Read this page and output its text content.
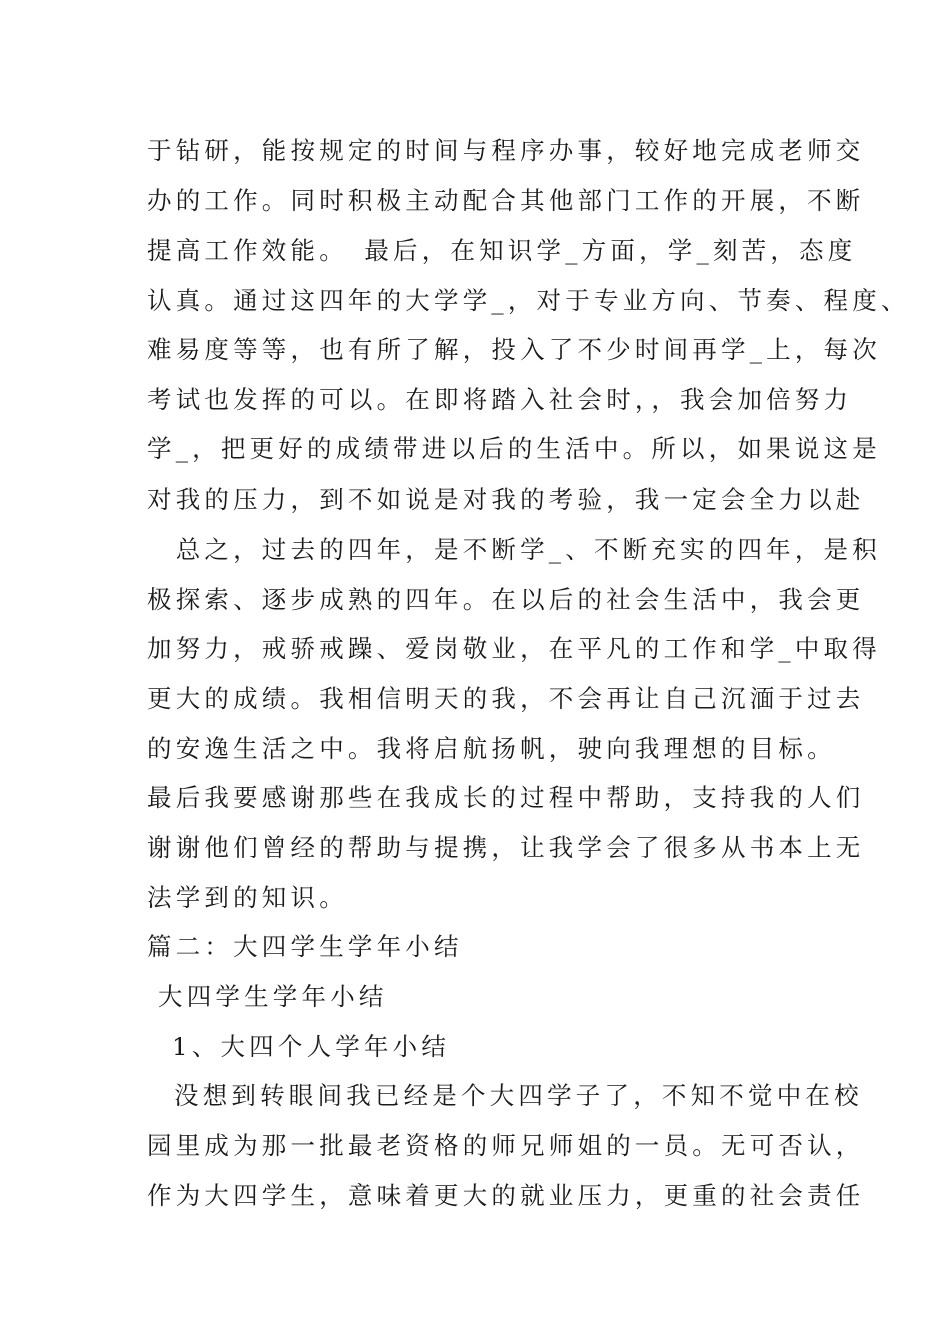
于钻研，能按规定的时间与程序办事，较好地完成老师交
办的工作。同时积极主动配合其他部门工作的开展，不断
提高工作效能。　最后，在知识学_方面，学_刻苦，态度
认真。通过这四年的大学学_，对于专业方向、节奏、程度、
难易度等等，也有所了解，投入了不少时间再学_上，每次
考试也发挥的可以。在即将踏入社会时，，我会加倍努力
学_，把更好的成绩带进以后的生活中。所以，如果说这是
对我的压力，到不如说是对我的考验，我一定会全力以赴
　总之，过去的四年，是不断学_、不断充实的四年，是积
极探索、逐步成熟的四年。在以后的社会生活中，我会更
加努力，戒骄戒躁、爱岗敬业，在平凡的工作和学_中取得
更大的成绩。我相信明天的我，不会再让自己沉湎于过去
的安逸生活之中。我将启航扬帆，驶向我理想的目标。
最后我要感谢那些在我成长的过程中帮助，支持我的人们
谢谢他们曾经的帮助与提携，让我学会了很多从书本上无
法学到的知识。
篇二：大四学生学年小结
大四学生学年小结
1、大四个人学年小结
没想到转眼间我已经是个大四学子了，不知不觉中在校
园里成为那一批最老资格的师兄师姐的一员。无可否认，
作为大四学生，意味着更大的就业压力，更重的社会责任
